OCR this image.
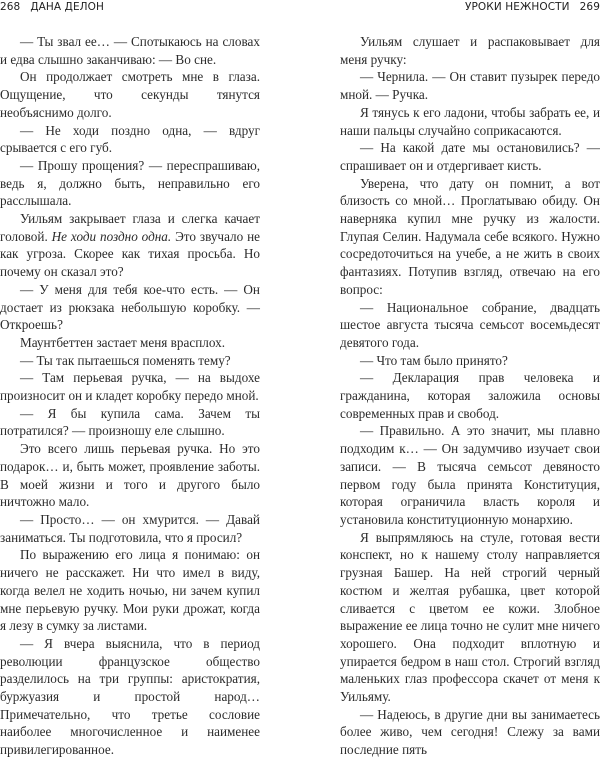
268 ДАНА ДЕЛОН

— Ты звал ее… — Спотыкаюсь на словах и едва слышно заканчиваю: — Во сне.

Он продолжает смотреть мне в глаза. Ощущение, что секунды тянутся необъяснимо долго.

— Не ходи поздно одна, — вдруг срывается с его губ.

— Прошу прощения? — переспрашиваю, ведь я, должно быть, неправильно его расслышала.

Уильям закрывает глаза и слегка качает головой. Не ходи поздно одна. Это звучало не как угроза. Скорее как тихая просьба. Но почему он сказал это?

— У меня для тебя кое-что есть. — Он достает из рюкзака небольшую коробку. — Откроешь?

Маунтбеттен застает меня врасплох.

— Ты так пытаешься поменять тему?

— Там перьевая ручка, — на выдохе произносит он и кладет коробку передо мной.

— Я бы купила сама. Зачем ты потратился? — произношу еле слышно.

Это всего лишь перьевая ручка. Но это подарок… и, быть может, проявление заботы. В моей жизни и того и другого было ничтожно мало.

— Просто… — он хмурится. — Давай заниматься. Ты подготовила, что я просил?

По выражению его лица я понимаю: он ничего не расскажет. Ни что имел в виду, когда велел не ходить ночью, ни зачем купил мне перьевую ручку. Мои руки дрожат, когда я лезу в сумку за листами.

— Я вчера выяснила, что в период революции французское общество разделилось на три группы: аристократия, буржуазия и простой народ… Примечательно, что третье сословие наиболее многочисленное и наименее привилегированное.

УРОКИ НЕЖНОСТИ 269

Уильям слушает и распаковывает для меня ручку:

— Чернила. — Он ставит пузырек передо мной. — Ручка.

Я тянусь к его ладони, чтобы забрать ее, и наши пальцы случайно соприкасаются.

— На какой дате мы остановились? — спрашивает он и отдергивает кисть.

Уверена, что дату он помнит, а вот близость со мной… Проглатываю обиду. Он наверняка купил мне ручку из жалости. Глупая Селин. Надумала себе всякого. Нужно сосредоточиться на учебе, а не жить в своих фантазиях. Потупив взгляд, отвечаю на его вопрос:

— Национальное собрание, двадцать шестое августа тысяча семьсот восемьдесят девятого года.

— Что там было принято?

— Декларация прав человека и гражданина, которая заложила основы современных прав и свобод.

— Правильно. А это значит, мы плавно подходим к… — Он задумчиво изучает свои записи. — В тысяча семьсот девяносто первом году была принята Конституция, которая ограничила власть короля и установила конституционную монархию.

Я выпрямляюсь на стуле, готовая вести конспект, но к нашему столу направляется грузная Башер. На ней строгий черный костюм и желтая рубашка, цвет которой сливается с цветом ее кожи. Злобное выражение ее лица точно не сулит мне ничего хорошего. Она подходит вплотную и упирается бедром в наш стол. Строгий взгляд маленьких глаз профессора скачет от меня к Уильяму.

— Надеюсь, в другие дни вы занимаетесь более живо, чем сегодня! Слежу за вами последние пять
